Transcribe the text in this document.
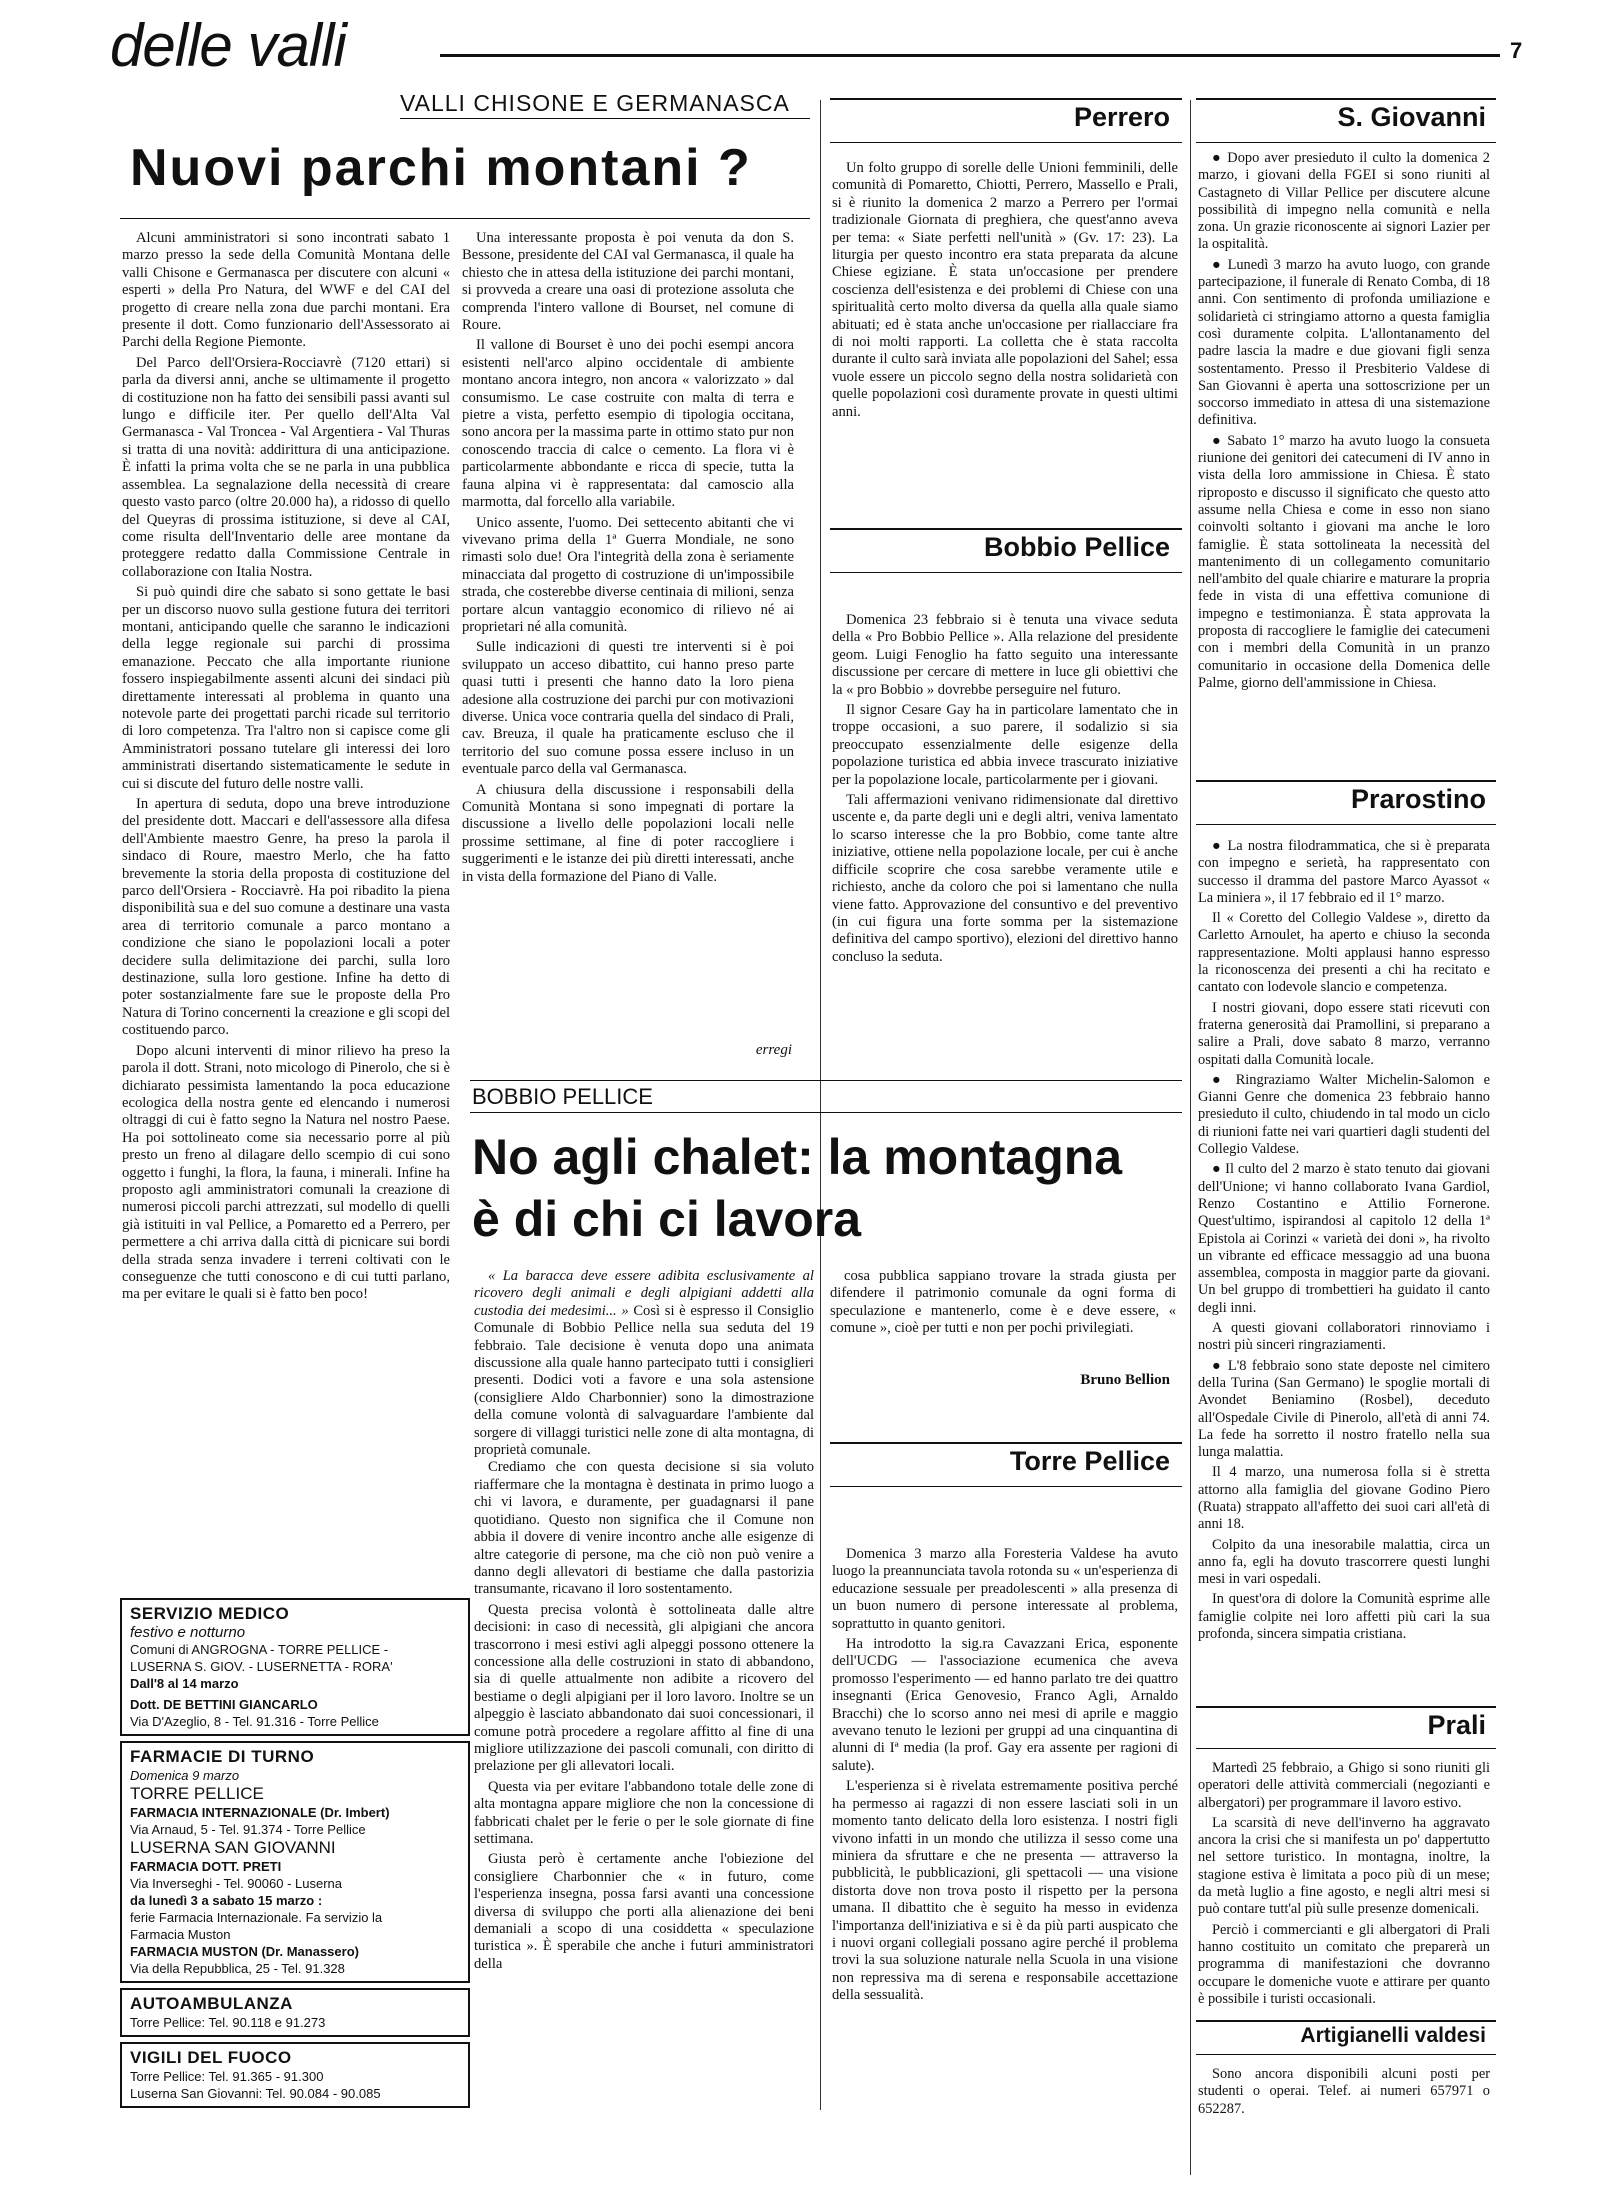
delle valli	7
VALLI CHISONE E GERMANASCA
Nuovi parchi montani ?

Alcuni amministratori si sono incontrati sabato 1 marzo presso la sede della Comunità Montana delle valli Chisone e Germanasca per discutere con alcuni « esperti » della Pro Natura, del WWF e del CAI del progetto di creare nella zona due parchi montani. Era presente il dott. Como funzionario dell'Assessorato ai Parchi della Regione Piemonte.

Del Parco dell'Orsiera-Rocciavrè (7120 ettari) si parla da diversi anni, anche se ultimamente il progetto di costituzione non ha fatto dei sensibili passi avanti sul lungo e difficile iter. Per quello dell'Alta Val Germanasca - Val Troncea - Val Argentiera - Val Thuras si tratta di una novità: addirittura di una anticipazione. È infatti la prima volta che se ne parla in una pubblica assemblea. La segnalazione della necessità di creare questo vasto parco (oltre 20.000 ha), a ridosso di quello del Queyras di prossima istituzione, si deve al CAI, come risulta dell'Inventario delle aree montane da proteggere redatto dalla Commissione Centrale in collaborazione con Italia Nostra.

Si può quindi dire che sabato si sono gettate le basi per un discorso nuovo sulla gestione futura dei territori montani, anticipando quelle che saranno le indicazioni della legge regionale sui parchi di prossima emanazione. Peccato che alla importante riunione fossero inspiegabilmente assenti alcuni dei sindaci più direttamente interessati al problema in quanto una notevole parte dei progettati parchi ricade sul territorio di loro competenza. Tra l'altro non si capisce come gli Amministratori possano tutelare gli interessi dei loro amministrati disertando sistematicamente le sedute in cui si discute del futuro delle nostre valli.

In apertura di seduta, dopo una breve introduzione del presidente dott. Maccari e dell'assessore alla difesa dell'Ambiente maestro Genre, ha preso la parola il sindaco di Roure, maestro Merlo, che ha fatto brevemente la storia della proposta di costituzione del parco dell'Orsiera - Rocciavrè. Ha poi ribadito la piena disponibilità sua e del suo comune a destinare una vasta area di territorio comunale a parco montano a condizione che siano le popolazioni locali a poter decidere sulla delimitazione dei parchi, sulla loro destinazione, sulla loro gestione. Infine ha detto di poter sostanzialmente fare sue le proposte della Pro Natura di Torino concernenti la creazione e gli scopi del costituendo parco.

Dopo alcuni interventi di minor rilievo ha preso la parola il dott. Strani, noto micologo di Pinerolo, che si è dichiarato pessimista lamentando la poca educazione ecologica della nostra gente ed elencando i numerosi oltraggi di cui è fatto segno la Natura nel nostro Paese. Ha poi sottolineato come sia necessario porre al più presto un freno al dilagare dello scempio di cui sono oggetto i funghi, la flora, la fauna, i minerali. Infine ha proposto agli amministratori comunali la creazione di numerosi piccoli parchi attrezzati, sul modello di quelli già istituiti in val Pellice, a Pomaretto ed a Perrero, per permettere a chi arriva dalla città di picnicare sui bordi della strada senza invadere i terreni coltivati con le conseguenze che tutti conoscono e di cui tutti parlano, ma per evitare le quali si è fatto ben poco!

Una interessante proposta è poi venuta da don S. Bessone, presidente del CAI val Germanasca, il quale ha chiesto che in attesa della istituzione dei parchi montani, si provveda a creare una oasi di protezione assoluta che comprenda l'intero vallone di Bourset, nel comune di Roure.

Il vallone di Bourset è uno dei pochi esempi ancora esistenti nell'arco alpino occidentale di ambiente montano ancora integro, non ancora « valorizzato » dal consumismo. Le case costruite con malta di terra e pietre a vista, perfetto esempio di tipologia occitana, sono ancora per la massima parte in ottimo stato pur non conoscendo traccia di calce o cemento. La flora vi è particolarmente abbondante e ricca di specie, tutta la fauna alpina vi è rappresentata: dal camoscio alla marmotta, dal forcello alla variabile.

Unico assente, l'uomo. Dei settecento abitanti che vi vivevano prima della 1ª Guerra Mondiale, ne sono rimasti solo due! Ora l'integrità della zona è seriamente minacciata dal progetto di costruzione di un'impossibile strada, che costerebbe diverse centinaia di milioni, senza portare alcun vantaggio economico di rilievo né ai proprietari né alla comunità.

Sulle indicazioni di questi tre interventi si è poi sviluppato un acceso dibattito, cui hanno preso parte quasi tutti i presenti che hanno dato la loro piena adesione alla costruzione dei parchi pur con motivazioni diverse. Unica voce contraria quella del sindaco di Prali, cav. Breuza, il quale ha praticamente escluso che il territorio del suo comune possa essere incluso in un eventuale parco della val Germanasca.

A chiusura della discussione i responsabili della Comunità Montana si sono impegnati di portare la discussione a livello delle popolazioni locali nelle prossime settimane, al fine di poter raccogliere i suggerimenti e le istanze dei più diretti interessati, anche in vista della formazione del Piano di Valle.

erregi
Perrero

Un folto gruppo di sorelle delle Unioni femminili, delle comunità di Pomaretto, Chiotti, Perrero, Massello e Prali, si è riunito la domenica 2 marzo a Perrero per l'ormai tradizionale Giornata di preghiera, che quest'anno aveva per tema: « Siate perfetti nell'unità » (Gv. 17: 23). La liturgia per questo incontro era stata preparata da alcune Chiese egiziane. È stata un'occasione per prendere coscienza dell'esistenza e dei problemi di Chiese con una spiritualità certo molto diversa da quella alla quale siamo abituati; ed è stata anche un'occasione per riallacciare fra di noi molti rapporti. La colletta che è stata raccolta durante il culto sarà inviata alle popolazioni del Sahel; essa vuole essere un piccolo segno della nostra solidarietà con quelle popolazioni così duramente provate in questi ultimi anni.

Bobbio Pellice

Domenica 23 febbraio si è tenuta una vivace seduta della « Pro Bobbio Pellice ». Alla relazione del presidente geom. Luigi Fenoglio ha fatto seguito una interessante discussione per cercare di mettere in luce gli obiettivi che la « pro Bobbio » dovrebbe perseguire nel futuro.

Il signor Cesare Gay ha in particolare lamentato che in troppe occasioni, a suo parere, il sodalizio si sia preoccupato essenzialmente delle esigenze della popolazione turistica ed abbia invece trascurato iniziative per la popolazione locale, particolarmente per i giovani.

Tali affermazioni venivano ridimensionate dal direttivo uscente e, da parte degli uni e degli altri, veniva lamentato lo scarso interesse che la pro Bobbio, come tante altre iniziative, ottiene nella popolazione locale, per cui è anche difficile scoprire che cosa sarebbe veramente utile e richiesto, anche da coloro che poi si lamentano che nulla viene fatto. Approvazione del consuntivo e del preventivo (in cui figura una forte somma per la sistemazione definitiva del campo sportivo), elezioni del direttivo hanno concluso la seduta.

BOBBIO PELLICE
No agli chalet: la montagna
è di chi ci lavora

« La baracca deve essere adibita esclusivamente al ricovero degli animali e degli alpigiani addetti alla custodia dei medesimi... » Così si è espresso il Consiglio Comunale di Bobbio Pellice nella sua seduta del 19 febbraio. Tale decisione è venuta dopo una animata discussione alla quale hanno partecipato tutti i consiglieri presenti. Dodici voti a favore e una sola astensione (consigliere Aldo Charbonnier) sono la dimostrazione della comune volontà di salvaguardare l'ambiente dal sorgere di villaggi turistici nelle zone di alta montagna, di proprietà comunale.

Crediamo che con questa decisione si sia voluto riaffermare che la montagna è destinata in primo luogo a chi vi lavora, e duramente, per guadagnarsi il pane quotidiano. Questo non significa che il Comune non abbia il dovere di venire incontro anche alle esigenze di altre categorie di persone, ma che ciò non può venire a danno degli allevatori di bestiame che dalla pastorizia transumante, ricavano il loro sostentamento.

Questa precisa volontà è sottolineata dalle altre decisioni: in caso di necessità, gli alpigiani che ancora trascorrono i mesi estivi agli alpeggi possono ottenere la concessione alla delle costruzioni in stato di abbandono, sia di quelle attualmente non adibite a ricovero del bestiame o degli alpigiani per il loro lavoro. Inoltre se un alpeggio è lasciato abbandonato dai suoi concessionari, il comune potrà procedere a regolare affitto al fine di una migliore utilizzazione dei pascoli comunali, con diritto di prelazione per gli allevatori locali.

Questa via per evitare l'abbandono totale delle zone di alta montagna appare migliore che non la concessione di fabbricati chalet per le ferie o per le sole giornate di fine settimana.

Giusta però è certamente anche l'obiezione del consigliere Charbonnier che « in futuro, come l'esperienza insegna, possa farsi avanti una concessione diversa di sviluppo che porti alla alienazione dei beni demaniali a scopo di una cosiddetta « speculazione turistica ». È sperabile che anche i futuri amministratori della

cosa pubblica sappiano trovare la strada giusta per difendere il patrimonio comunale da ogni forma di speculazione e mantenerlo, come è e deve essere, « comune », cioè per tutti e non per pochi privilegiati.

Bruno Bellion
Torre Pellice

Domenica 3 marzo alla Foresteria Valdese ha avuto luogo la preannunciata tavola rotonda su « un'esperienza di educazione sessuale per preadolescenti » alla presenza di un buon numero di persone interessate al problema, soprattutto in quanto genitori.

Ha introdotto la sig.ra Cavazzani Erica, esponente dell'UCDG — l'associazione ecumenica che aveva promosso l'esperimento — ed hanno parlato tre dei quattro insegnanti (Erica Genovesio, Franco Agli, Arnaldo Bracchi) che lo scorso anno nei mesi di aprile e maggio avevano tenuto le lezioni per gruppi ad una cinquantina di alunni di Iª media (la prof. Gay era assente per ragioni di salute).

L'esperienza si è rivelata estremamente positiva perché ha permesso ai ragazzi di non essere lasciati soli in un momento tanto delicato della loro esistenza. I nostri figli vivono infatti in un mondo che utilizza il sesso come una miniera da sfruttare e che ne presenta — attraverso la pubblicità, le pubblicazioni, gli spettacoli — una visione distorta dove non trova posto il rispetto per la persona umana. Il dibattito che è seguito ha messo in evidenza l'importanza dell'iniziativa e si è da più parti auspicato che i nuovi organi collegiali possano agire perché il problema trovi la sua soluzione naturale nella Scuola in una visione non repressiva ma di serena e responsabile accettazione della sessualità.

S. Giovanni

● Dopo aver presieduto il culto la domenica 2 marzo, i giovani della FGEI si sono riuniti al Castagneto di Villar Pellice per discutere alcune possibilità di impegno nella comunità e nella zona. Un grazie riconoscente ai signori Lazier per la ospitalità.

● Lunedì 3 marzo ha avuto luogo, con grande partecipazione, il funerale di Renato Comba, di 18 anni. Con sentimento di profonda umiliazione e solidarietà ci stringiamo attorno a questa famiglia così duramente colpita. L'allontanamento del padre lascia la madre e due giovani figli senza sostentamento. Presso il Presbiterio Valdese di San Giovanni è aperta una sottoscrizione per un soccorso immediato in attesa di una sistemazione definitiva.

● Sabato 1° marzo ha avuto luogo la consueta riunione dei genitori dei catecumeni di IV anno in vista della loro ammissione in Chiesa. È stato riproposto e discusso il significato che questo atto assume nella Chiesa e come in esso non siano coinvolti soltanto i giovani ma anche le loro famiglie. È stata sottolineata la necessità del mantenimento di un collegamento comunitario nell'ambito del quale chiarire e maturare la propria fede in vista di una effettiva comunione di impegno e testimonianza. È stata approvata la proposta di raccogliere le famiglie dei catecumeni con i membri della Comunità in un pranzo comunitario in occasione della Domenica delle Palme, giorno dell'ammissione in Chiesa.

Prarostino

● La nostra filodrammatica, che si è preparata con impegno e serietà, ha rappresentato con successo il dramma del pastore Marco Ayassot « La miniera », il 17 febbraio ed il 1° marzo.

Il « Coretto del Collegio Valdese », diretto da Carletto Arnoulet, ha aperto e chiuso la seconda rappresentazione. Molti applausi hanno espresso la riconoscenza dei presenti a chi ha recitato e cantato con lodevole slancio e competenza.

I nostri giovani, dopo essere stati ricevuti con fraterna generosità dai Pramollini, si preparano a salire a Prali, dove sabato 8 marzo, verranno ospitati dalla Comunità locale.

● Ringraziamo Walter Michelin-Salomon e Gianni Genre che domenica 23 febbraio hanno presieduto il culto, chiudendo in tal modo un ciclo di riunioni fatte nei vari quartieri dagli studenti del Collegio Valdese.

● Il culto del 2 marzo è stato tenuto dai giovani dell'Unione; vi hanno collaborato Ivana Gardiol, Renzo Costantino e Attilio Fornerone. Quest'ultimo, ispirandosi al capitolo 12 della 1ª Epistola ai Corinzi « varietà dei doni », ha rivolto un vibrante ed efficace messaggio ad una buona assemblea, composta in maggior parte da giovani. Un bel gruppo di trombettieri ha guidato il canto degli inni.

A questi giovani collaboratori rinnoviamo i nostri più sinceri ringraziamenti.

● L'8 febbraio sono state deposte nel cimitero della Turina (San Germano) le spoglie mortali di Avondet Beniamino (Rosbel), deceduto all'Ospedale Civile di Pinerolo, all'età di anni 74. La fede ha sorretto il nostro fratello nella sua lunga malattia.

Il 4 marzo, una numerosa folla si è stretta attorno alla famiglia del giovane Godino Piero (Ruata) strappato all'affetto dei suoi cari all'età di anni 18.

Colpito da una inesorabile malattia, circa un anno fa, egli ha dovuto trascorrere questi lunghi mesi in vari ospedali.

In quest'ora di dolore la Comunità esprime alle famiglie colpite nei loro affetti più cari la sua profonda, sincera simpatia cristiana.

Prali

Martedì 25 febbraio, a Ghigo si sono riuniti gli operatori delle attività commerciali (negozianti e albergatori) per programmare il lavoro estivo.

La scarsità di neve dell'inverno ha aggravato ancora la crisi che si manifesta un po' dappertutto nel settore turistico. In montagna, inoltre, la stagione estiva è limitata a poco più di un mese; da metà luglio a fine agosto, e negli altri mesi si può contare tutt'al più sulle presenze domenicali.

Perciò i commercianti e gli albergatori di Prali hanno costituito un comitato che preparerà un programma di manifestazioni che dovranno occupare le domeniche vuote e attirare per quanto è possibile i turisti occasionali.

Artigianelli valdesi

Sono ancora disponibili alcuni posti per studenti o operai. Telef. ai numeri 657971 o 652287.

SERVIZIO MEDICO
festivo e notturno
Comuni di ANGROGNA - TORRE PELLICE -
LUSERNA S. GIOV. - LUSERNETTA - RORA'
Dall'8 al 14 marzo
Dott. DE BETTINI GIANCARLO
Via D'Azeglio, 8 - Tel. 91.316 - Torre Pellice
FARMACIE DI TURNO
Domenica 9 marzo
TORRE PELLICE
FARMACIA INTERNAZIONALE (Dr. Imbert)
Via Arnaud, 5 - Tel. 91.374 - Torre Pellice
LUSERNA SAN GIOVANNI
FARMACIA DOTT. PRETI
Via Inverseghi - Tel. 90060 - Luserna
da lunedì 3 a sabato 15 marzo :
ferie Farmacia Internazionale. Fa servizio la
Farmacia Muston
FARMACIA MUSTON (Dr. Manassero)
Via della Repubblica, 25 - Tel. 91.328
AUTOAMBULANZA
Torre Pellice: Tel. 90.118 e 91.273
VIGILI DEL FUOCO
Torre Pellice: Tel. 91.365 - 91.300
Luserna San Giovanni: Tel. 90.084 - 90.085
